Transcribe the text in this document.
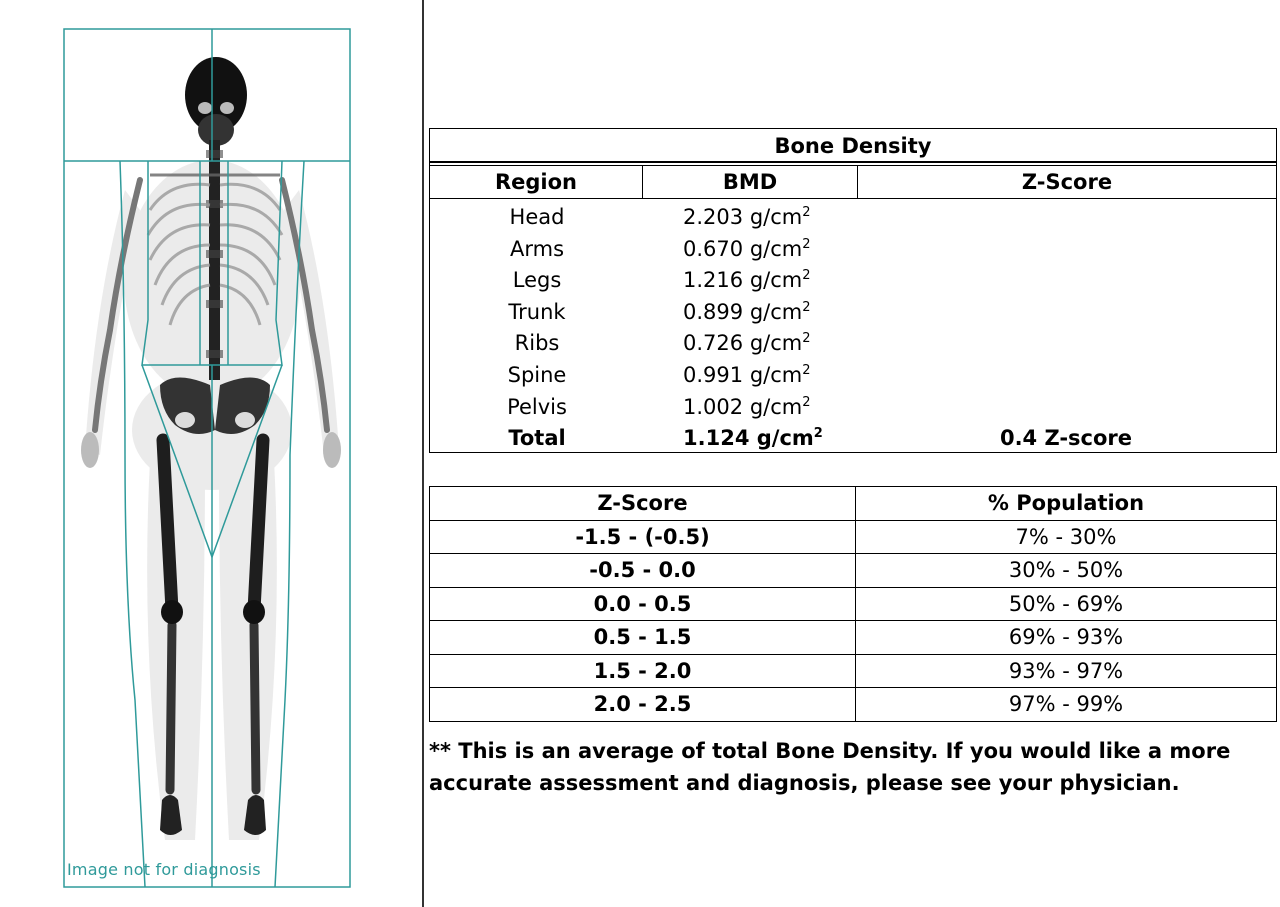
Image not for diagnosis
Bone Density
Region	BMD	Z-Score
Head	2.203 $g/cm^2$
Arms	0.670 $g/cm^2$
Legs	1.216 $g/cm^2$
Trunk	0.899 $g/cm^2$
Ribs	0.726 $g/cm^2$
Spine	0.991 $g/cm^2$
Pelvis	1.002 $g/cm^2$
Total	1.124 $g/cm^2$	0.4 Z-score
Z-Score	% Population
-1.5 - (-0.5)	7% - 30%
-0.5 - 0.0	30% - 50%
0.0 - 0.5	50% - 69%
0.5 - 1.5	69% - 93%
1.5 - 2.0	93% - 97%
2.0 - 2.5	97% - 99%
** This is an average of total Bone Density. If you would like a more
accurate assessment and diagnosis, please see your physician.
